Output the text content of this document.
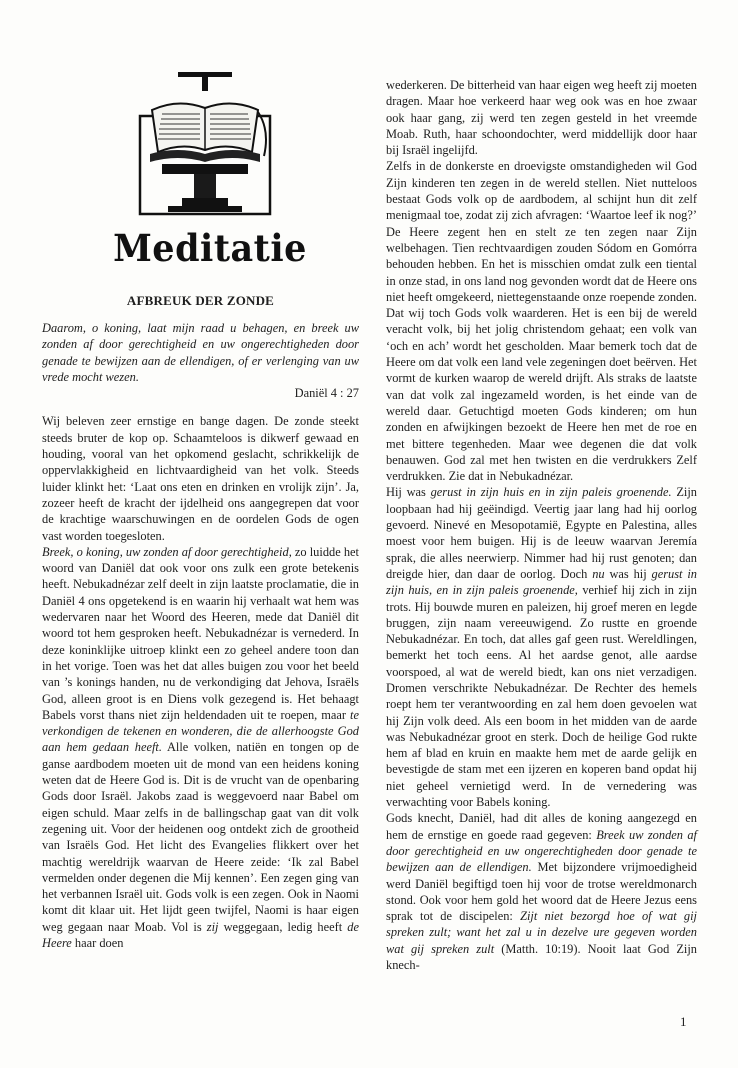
Meditatie
AFBREUK DER ZONDE

Daarom, o koning, laat mijn raad u behagen, en breek uw zonden af door gerechtigheid en uw ongerechtigheden door genade te bewijzen aan de ellendigen, of er verlenging van uw vrede mocht wezen.

Daniël 4 : 27

Wij beleven zeer ernstige en bange dagen. De zonde steekt steeds bruter de kop op. Schaamteloos is dikwerf gewaad en houding, vooral van het opkomend geslacht, schrikkelijk de oppervlakkigheid en lichtvaardigheid van het volk. Steeds luider klinkt het: ‘Laat ons eten en drinken en vrolijk zijn’. Ja, zozeer heeft de kracht der ijdelheid ons aangegrepen dat voor de krachtige waarschuwingen en de oordelen Gods de ogen vast worden toegesloten.

Breek, o koning, uw zonden af door gerechtigheid, zo luidde het woord van Daniël dat ook voor ons zulk een grote betekenis heeft. Nebukadnézar zelf deelt in zijn laatste proclamatie, die in Daniël 4 ons opgetekend is en waarin hij verhaalt wat hem was wedervaren naar het Woord des Heeren, mede dat Daniël dit woord tot hem gesproken heeft. Nebukadnézar is vernederd. In deze koninklijke uitroep klinkt een zo geheel andere toon dan in het vorige. Toen was het dat alles buigen zou voor het beeld van ’s konings handen, nu de verkondiging dat Jehova, Israëls God, alleen groot is en Diens volk gezegend is. Het behaagt Babels vorst thans niet zijn heldendaden uit te roepen, maar te verkondigen de tekenen en wonderen, die de allerhoogste God aan hem gedaan heeft. Alle volken, natiën en tongen op de ganse aardbodem moeten uit de mond van een heidens koning weten dat de Heere God is. Dit is de vrucht van de openbaring Gods door Israël. Jakobs zaad is weggevoerd naar Babel om eigen schuld. Maar zelfs in de ballingschap gaat van dit volk zegening uit. Voor der heidenen oog ontdekt zich de grootheid van Israëls God. Het licht des Evangelies flikkert over het machtig wereldrijk waarvan de Heere zeide: ‘Ik zal Babel vermelden onder degenen die Mij kennen’. Een zegen ging van het verbannen Israël uit. Gods volk is een zegen. Ook in Naomi komt dit klaar uit. Het lijdt geen twijfel, Naomi is haar eigen weg gegaan naar Moab. Vol is zij weggegaan, ledig heeft de Heere haar doen

wederkeren. De bitterheid van haar eigen weg heeft zij moeten dragen. Maar hoe verkeerd haar weg ook was en hoe zwaar ook haar gang, zij werd ten zegen gesteld in het vreemde Moab. Ruth, haar schoondochter, werd middellijk door haar bij Israël ingelijfd.

Zelfs in de donkerste en droevigste omstandigheden wil God Zijn kinderen ten zegen in de wereld stellen. Niet nutteloos bestaat Gods volk op de aardbodem, al schijnt hun dit zelf menigmaal toe, zodat zij zich afvragen: ‘Waartoe leef ik nog?’ De Heere zegent hen en stelt ze ten zegen naar Zijn welbehagen. Tien rechtvaardigen zouden Sódom en Gomórra behouden hebben. En het is misschien omdat zulk een tiental in onze stad, in ons land nog gevonden wordt dat de Heere ons niet heeft omgekeerd, niettegenstaande onze roepende zonden. Dat wij toch Gods volk waarderen. Het is een bij de wereld veracht volk, bij het jolig christendom gehaat; een volk van ‘och en ach’ wordt het gescholden. Maar bemerk toch dat de Heere om dat volk een land vele zegeningen doet beërven. Het vormt de kurken waarop de wereld drijft. Als straks de laatste van dat volk zal ingezameld worden, is het einde van de wereld daar. Getuchtigd moeten Gods kinderen; om hun zonden en afwijkingen bezoekt de Heere hen met de roe en met bittere tegenheden. Maar wee degenen die dat volk benauwen. God zal met hen twisten en die verdrukkers Zelf verdrukken. Zie dat in Nebukadnézar.

Hij was gerust in zijn huis en in zijn paleis groenende. Zijn loopbaan had hij geëindigd. Veertig jaar lang had hij oorlog gevoerd. Ninevé en Mesopotamië, Egypte en Palestina, alles moest voor hem buigen. Hij is de leeuw waarvan Jeremía sprak, die alles neerwierp. Nimmer had hij rust genoten; dan dreigde hier, dan daar de oorlog. Doch nu was hij gerust in zijn huis, en in zijn paleis groenende, verhief hij zich in zijn trots. Hij bouwde muren en paleizen, hij groef meren en legde bruggen, zijn naam vereeuwigend. Zo rustte en groende Nebukadnézar. En toch, dat alles gaf geen rust. Wereldlingen, bemerkt het toch eens. Al het aardse genot, alle aardse voorspoed, al wat de wereld biedt, kan ons niet verzadigen. Dromen verschrikte Nebukadnézar. De Rechter des hemels roept hem ter verantwoording en zal hem doen gevoelen wat hij Zijn volk deed. Als een boom in het midden van de aarde was Nebukadnézar groot en sterk. Doch de heilige God rukte hem af blad en kruin en maakte hem met de aarde gelijk en bevestigde de stam met een ijzeren en koperen band opdat hij niet geheel vernietigd werd. In de vernedering was verwachting voor Babels koning.

Gods knecht, Daniël, had dit alles de koning aangezegd en hem de ernstige en goede raad gegeven: Breek uw zonden af door gerechtigheid en uw ongerechtigheden door genade te bewijzen aan de ellendigen. Met bijzondere vrijmoedigheid werd Daniël begiftigd toen hij voor de trotse wereldmonarch stond. Ook voor hem gold het woord dat de Heere Jezus eens sprak tot de discipelen: Zijt niet bezorgd hoe of wat gij spreken zult; want het zal u in dezelve ure gegeven worden wat gij spreken zult (Matth. 10:19). Nooit laat God Zijn knech-

1
